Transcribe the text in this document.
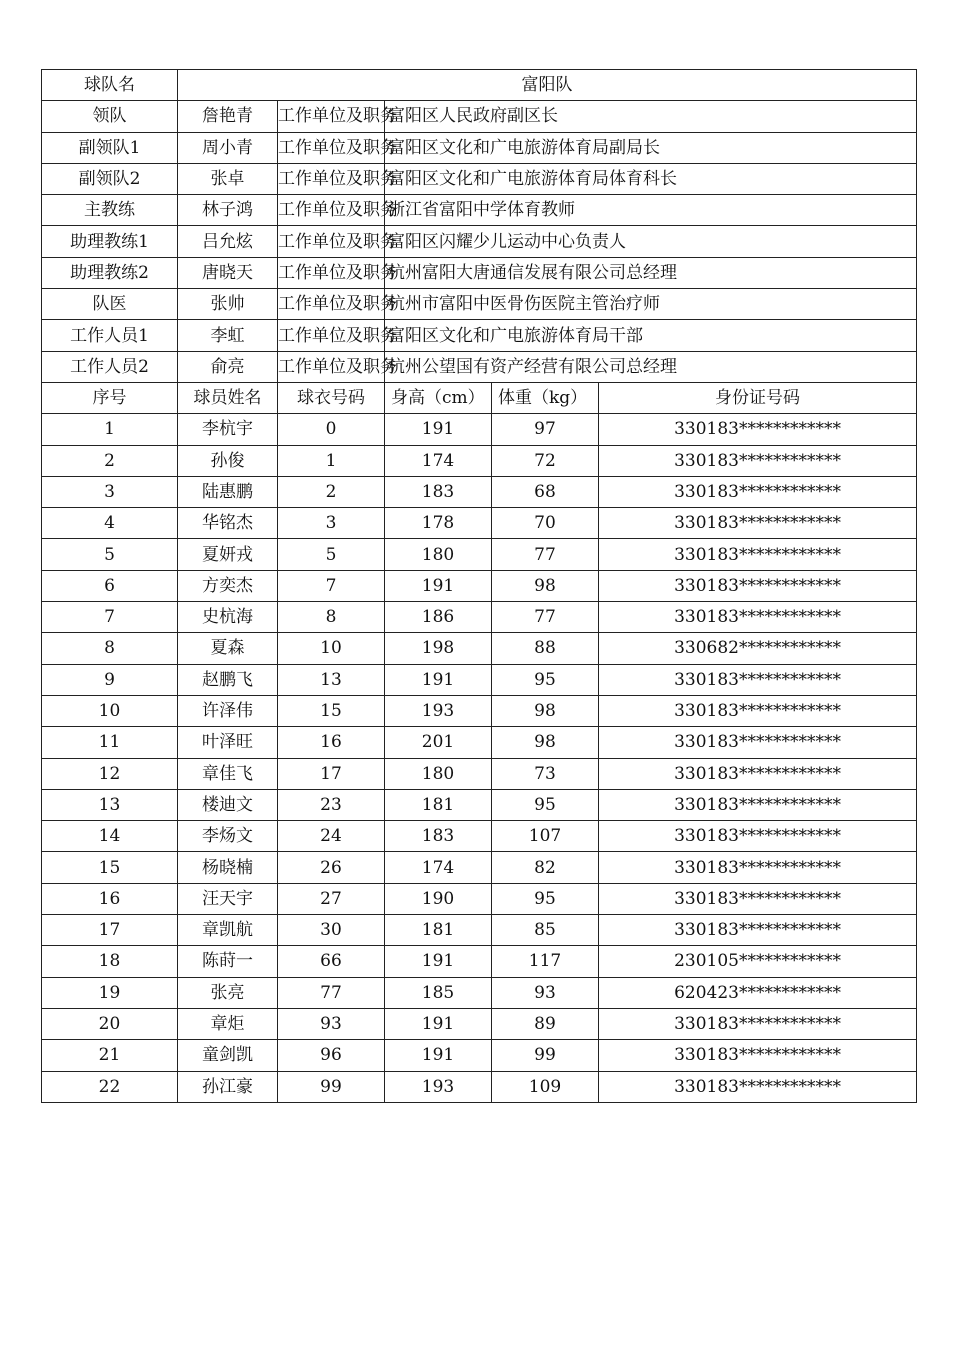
球队名	富阳队				
领队	詹艳青	工作单位及职务	富阳区人民政府副区长		
副领队1	周小青	工作单位及职务	富阳区文化和广电旅游体育局副局长		
副领队2	张卓	工作单位及职务	富阳区文化和广电旅游体育局体育科长		
主教练	林子鸿	工作单位及职务	浙江省富阳中学体育教师		
助理教练1	吕允炫	工作单位及职务	富阳区闪耀少儿运动中心负责人		
助理教练2	唐晓天	工作单位及职务	杭州富阳大唐通信发展有限公司总经理		
队医	张帅	工作单位及职务	杭州市富阳中医骨伤医院主管治疗师		
工作人员1	李虹	工作单位及职务	富阳区文化和广电旅游体育局干部		
工作人员2	俞亮	工作单位及职务	杭州公望国有资产经营有限公司总经理		
序号	球员姓名	球衣号码	身高（cm）	体重（kg）	身份证号码
1	李杭宇	0	191	97	330183************
2	孙俊	1	174	72	330183************
3	陆惠鹏	2	183	68	330183************
4	华铭杰	3	178	70	330183************
5	夏妍戎	5	180	77	330183************
6	方奕杰	7	191	98	330183************
7	史杭海	8	186	77	330183************
8	夏森	10	198	88	330682************
9	赵鹏飞	13	191	95	330183************
10	许泽伟	15	193	98	330183************
11	叶泽旺	16	201	98	330183************
12	章佳飞	17	180	73	330183************
13	楼迪文	23	181	95	330183************
14	李炀文	24	183	107	330183************
15	杨晓楠	26	174	82	330183************
16	汪天宇	27	190	95	330183************
17	章凯航	30	181	85	330183************
18	陈莳一	66	191	117	230105************
19	张亮	77	185	93	620423************
20	章炬	93	191	89	330183************
21	童剑凯	96	191	99	330183************
22	孙江豪	99	193	109	330183************
